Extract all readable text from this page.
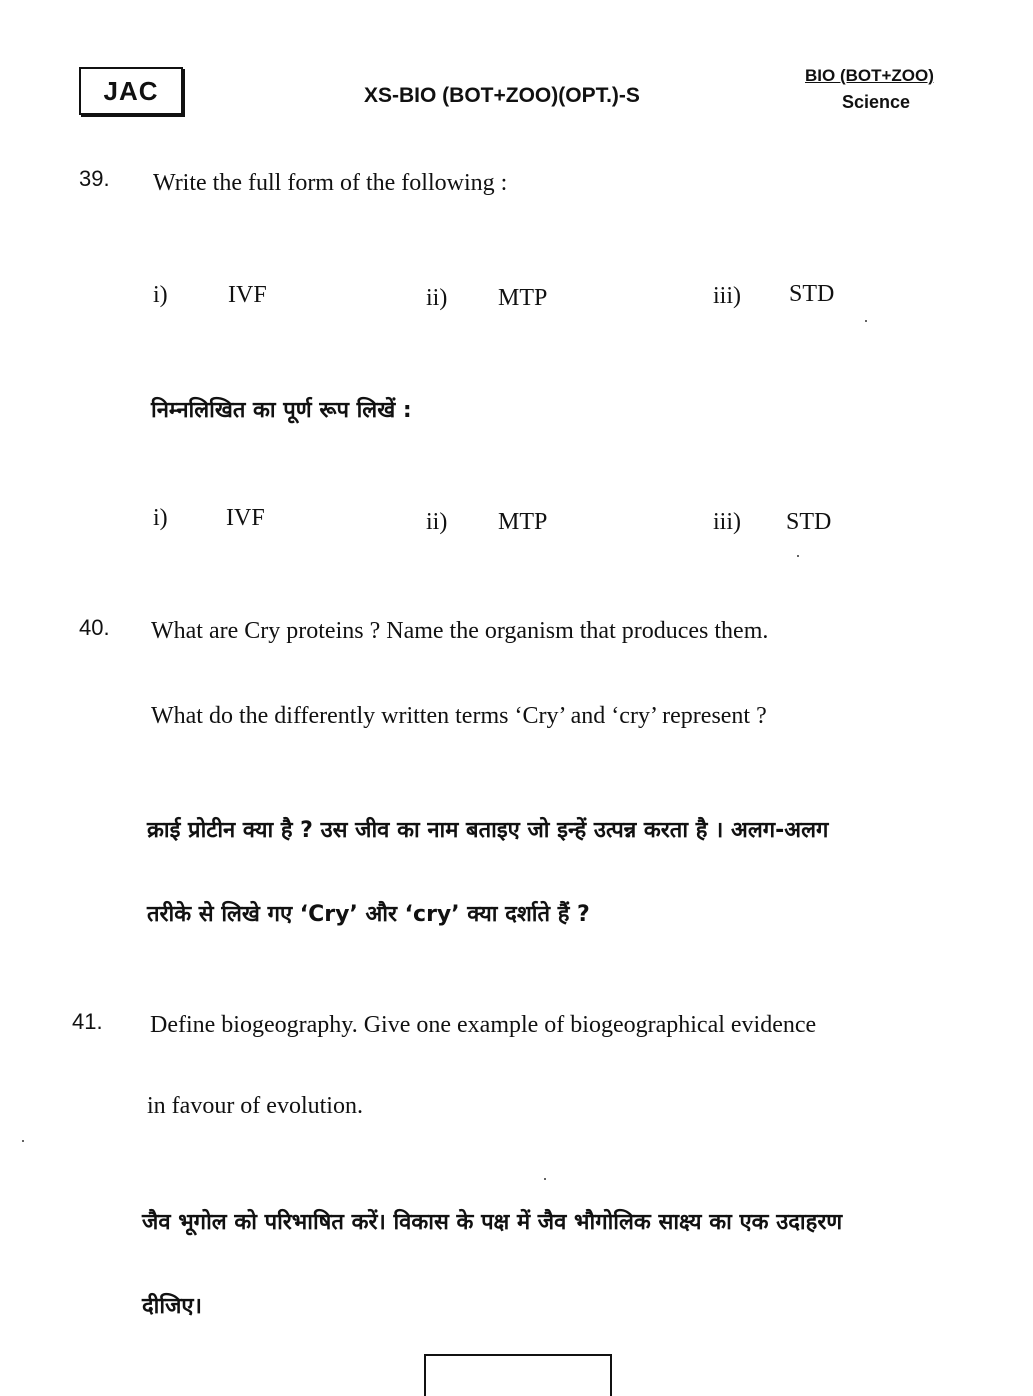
JAC	XS-BIO (BOT+ZOO)(OPT.)-S
BIO (BOT+ZOO)
Science
39. Write the full form of the following :
i)	IVF	ii) MTP	iii) STD
निम्नलिखित का पूर्ण रूप लिखें :
i) IVF	ii) MTP	iii) STD
40. What are Cry proteins ? Name the organism that produces them.
What do the differently written terms ‘Cry’ and ‘cry’ represent ?
क्राई प्रोटीन क्या है ? उस जीव का नाम बताइए जो इन्हें उत्पन्न करता है । अलग-अलग
तरीके से लिखे गए ‘Cry’ और ‘cry’ क्या दर्शाते हैं ?
41. Define biogeography. Give one example of biogeographical evidence
in favour of evolution.
जैव भूगोल को परिभाषित करें। विकास के पक्ष में जैव भौगोलिक साक्ष्य का एक उदाहरण
दीजिए।
